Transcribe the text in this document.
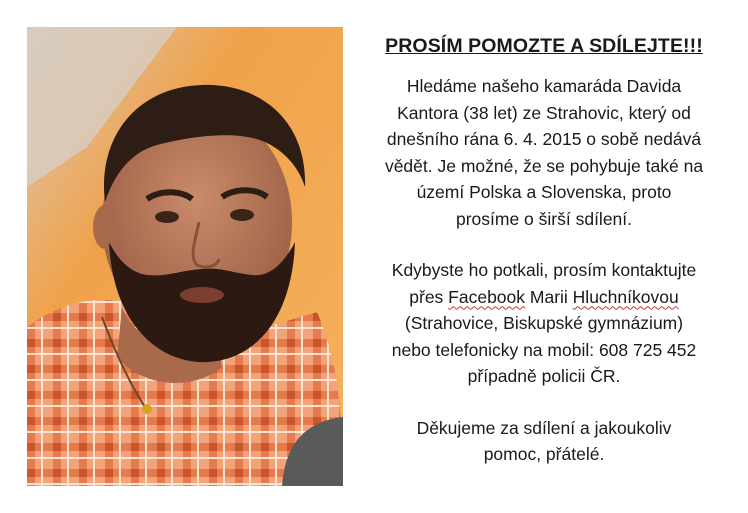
PROSÍM POMOZTE A SDÍLEJTE!!!
Hledáme našeho kamaráda Davida
Kantora (38 let) ze Strahovic, který od
dnešního rána 6. 4. 2015 o sobě nedává
vědět. Je možné, že se pohybuje také na
území Polska a Slovenska, proto
prosíme o širší sdílení.
Kdybyste ho potkali, prosím kontaktujte
přes Facebook Marii Hluchníkovou
(Strahovice, Biskupské gymnázium)
nebo telefonicky na mobil: 608 725 452
případně policii ČR.
Děkujeme za sdílení a jakoukoliv
pomoc, přátelé.
